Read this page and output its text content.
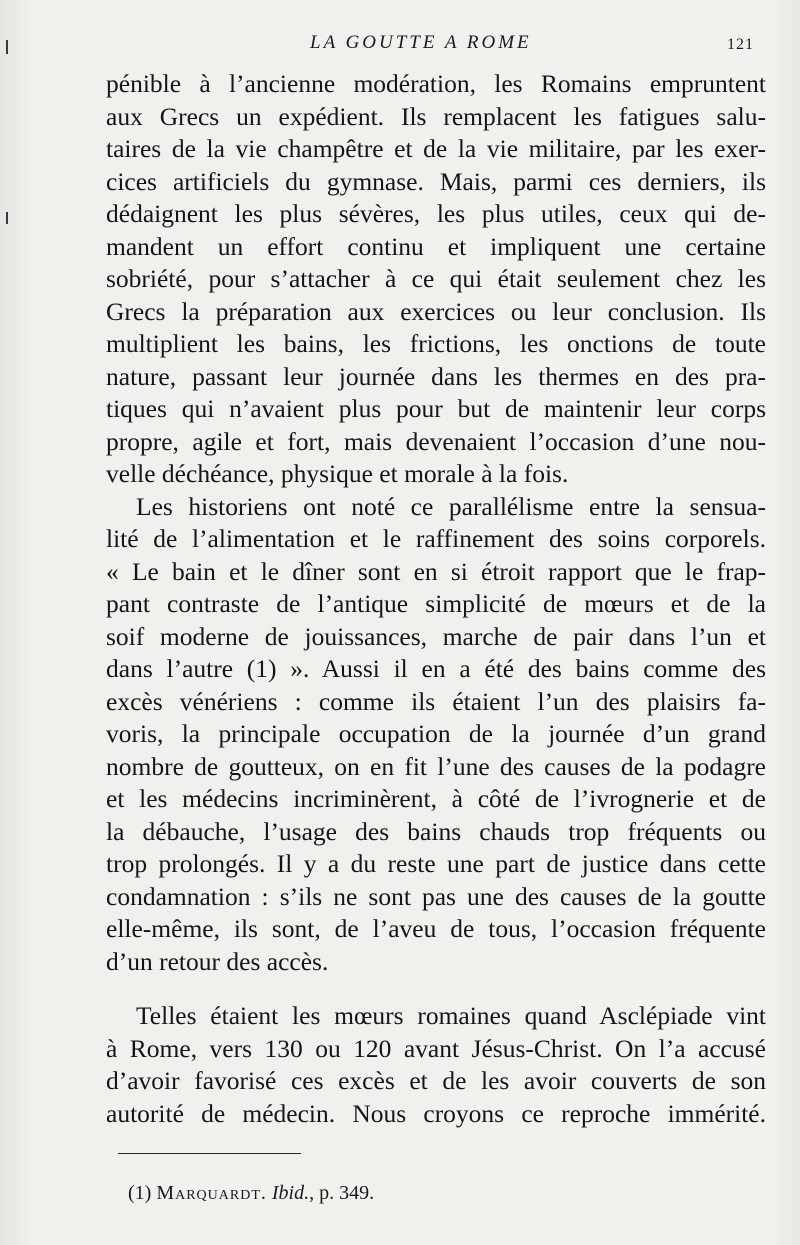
LA GOUTTE A ROME	121
pénible à l’ancienne modération, les Romains empruntent
aux Grecs un expédient. Ils remplacent les fatigues salu-
taires de la vie champêtre et de la vie militaire, par les exer-
cices artificiels du gymnase. Mais, parmi ces derniers, ils
dédaignent les plus sévères, les plus utiles, ceux qui de-
mandent un effort continu et impliquent une certaine
sobriété, pour s’attacher à ce qui était seulement chez les
Grecs la préparation aux exercices ou leur conclusion. Ils
multiplient les bains, les frictions, les onctions de toute
nature, passant leur journée dans les thermes en des pra-
tiques qui n’avaient plus pour but de maintenir leur corps
propre, agile et fort, mais devenaient l’occasion d’une nou-
velle déchéance, physique et morale à la fois.
Les historiens ont noté ce parallélisme entre la sensua-
lité de l’alimentation et le raffinement des soins corporels.
« Le bain et le dîner sont en si étroit rapport que le frap-
pant contraste de l’antique simplicité de mœurs et de la
soif moderne de jouissances, marche de pair dans l’un et
dans l’autre (1) ». Aussi il en a été des bains comme des
excès vénériens : comme ils étaient l’un des plaisirs fa-
voris, la principale occupation de la journée d’un grand
nombre de goutteux, on en fit l’une des causes de la podagre
et les médecins incriminèrent, à côté de l’ivrognerie et de
la débauche, l’usage des bains chauds trop fréquents ou
trop prolongés. Il y a du reste une part de justice dans cette
condamnation : s’ils ne sont pas une des causes de la goutte
elle-même, ils sont, de l’aveu de tous, l’occasion fréquente
d’un retour des accès.
Telles étaient les mœurs romaines quand Asclépiade vint
à Rome, vers 130 ou 120 avant Jésus-Christ. On l’a accusé
d’avoir favorisé ces excès et de les avoir couverts de son
autorité de médecin. Nous croyons ce reproche immérité.
(1) Marquardt. Ibid., p. 349.
